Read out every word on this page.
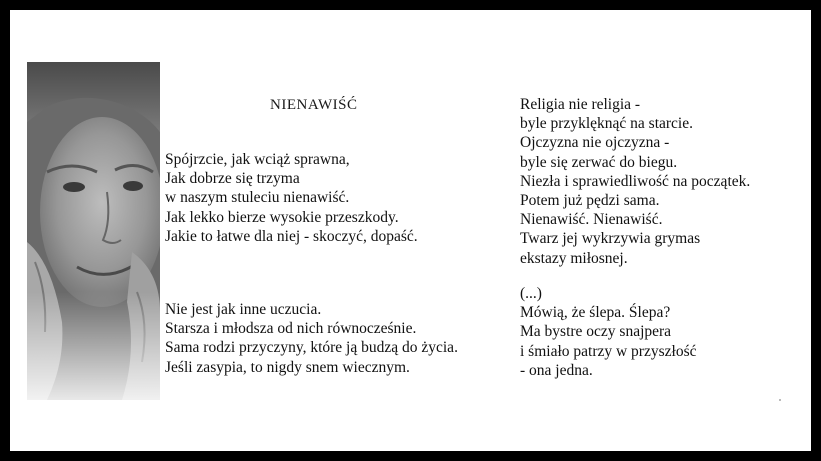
NIENAWIŚĆ
Spójrzcie, jak wciąż sprawna,
Jak dobrze się trzyma
w naszym stuleciu nienawiść.
Jak lekko bierze wysokie przeszkody.
Jakie to łatwe dla niej - skoczyć, dopaść.
Nie jest jak inne uczucia.
Starsza i młodsza od nich równocześnie.
Sama rodzi przyczyny, które ją budzą do życia.
Jeśli zasypia, to nigdy snem wiecznym.
Religia nie religia -
byle przyklęknąć na starcie.
Ojczyzna nie ojczyzna -
byle się zerwać do biegu.
Niezła i sprawiedliwość na początek.
Potem już pędzi sama.
Nienawiść. Nienawiść.
Twarz jej wykrzywia grymas
ekstazy miłosnej.
(...)
Mówią, że ślepa. Ślepa?
Ma bystre oczy snajpera
i śmiało patrzy w przyszłość
- ona jedna.
